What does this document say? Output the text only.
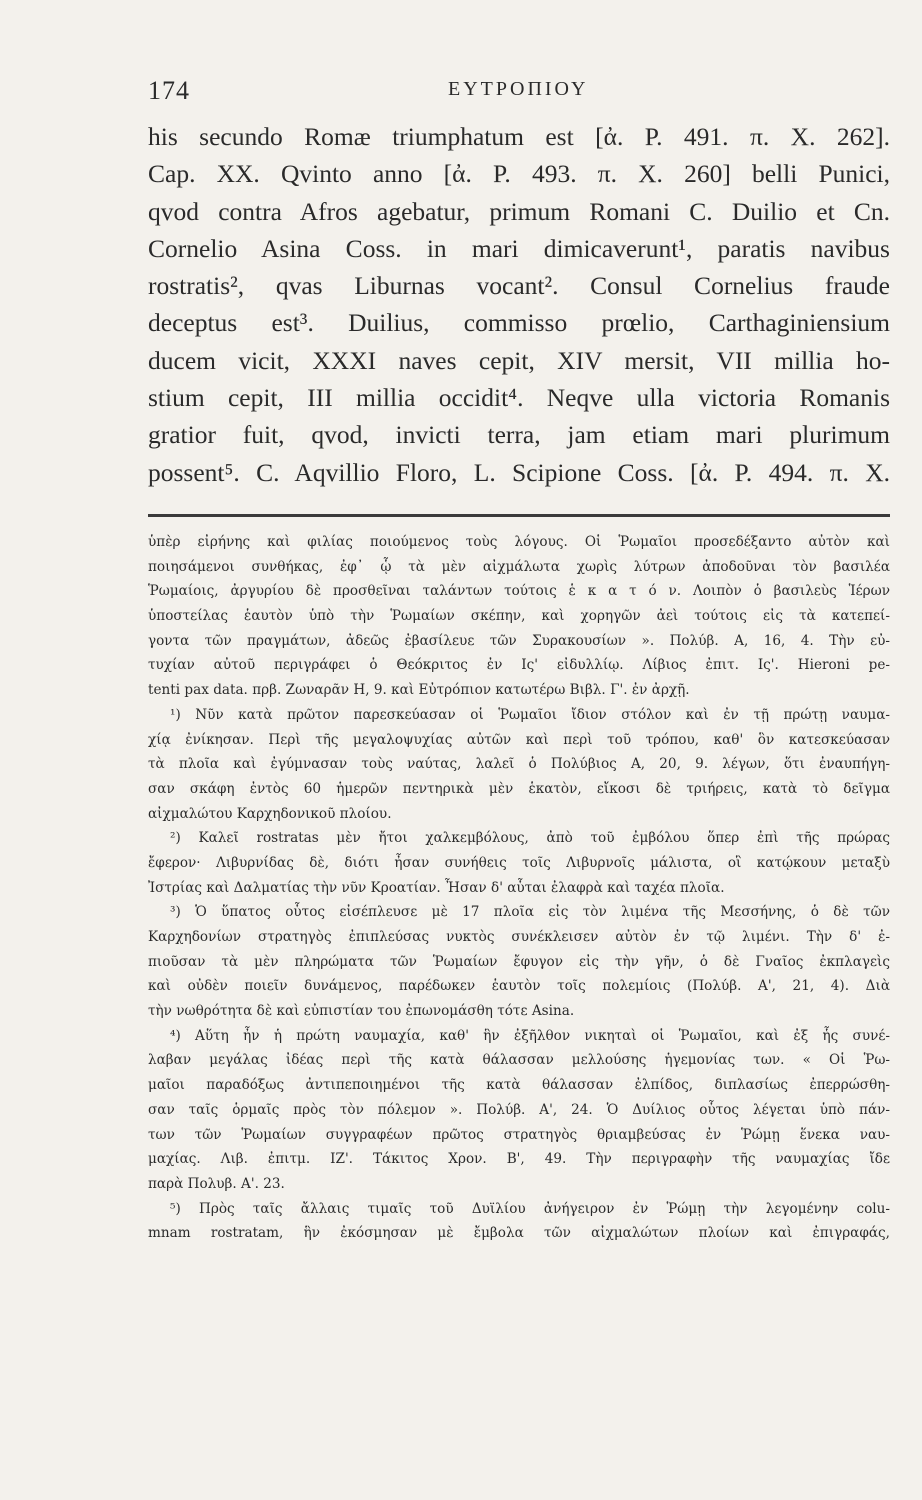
174	ΕΥΤΡΟΠΙΟΥ
his secundo Romæ triumphatum est [ἀ. Ρ. 491. π. Χ. 262].
Cap. XX. Qvinto anno [ἀ. Ρ. 493. π. Χ. 260] belli Punici,
qvod contra Afros agebatur, primum Romani C. Duilio et Cn.
Cornelio Asina Coss. in mari dimicaverunt¹, paratis navibus
rostratis², qvas Liburnas vocant². Consul Cornelius fraude
deceptus est³. Duilius, commisso prœlio, Carthaginiensium
ducem vicit, XXXI naves cepit, XIV mersit, VII millia ho-
stium cepit, III millia occidit⁴. Neqve ulla victoria Romanis
gratior fuit, qvod, invicti terra, jam etiam mari plurimum
possent⁵. C. Aqvillio Floro, L. Scipione Coss. [ἀ. Ρ. 494. π. Χ.
ὑπὲρ εἰρήνης καὶ φιλίας ποιούμενος τοὺς λόγους. Οἱ Ῥωμαῖοι προσεδέξαντο αὐτὸν καὶ
ποιησάμενοι συνθήκας, ἐφ᾽ ᾧ τὰ μὲν αἰχμάλωτα χωρὶς λύτρων ἀποδοῦναι τὸν βασιλέα
Ῥωμαίοις, ἀργυρίου δὲ προσθεῖναι ταλάντων τούτοις ἑ κ α τ ό ν. Λοιπὸν ὁ βασιλεὺς Ἱέρων
ὑποστείλας ἑαυτὸν ὑπὸ τὴν Ῥωμαίων σκέπην, καὶ χορηγῶν ἀεὶ τούτοις εἰς τὰ κατεπεί-
γοντα τῶν πραγμάτων, ἀδεῶς ἐβασίλευε τῶν Συρακουσίων ». Πολύβ. Α, 16, 4. Τὴν εὐ-
τυχίαν αὐτοῦ περιγράφει ὁ Θεόκριτος ἐν Ις' εἰδυλλίῳ. Λίβιος ἐπιτ. Ις'. Hieroni pe-
tenti pax data. πρβ. Ζωναρᾶν Η, 9. καὶ Εὐτρόπιον κατωτέρω Βιβλ. Γ'. ἐν ἀρχῇ.
¹) Νῦν κατὰ πρῶτον παρεσκεύασαν οἱ Ῥωμαῖοι ἴδιον στόλον καὶ ἐν τῇ πρώτῃ ναυμα-
χίᾳ ἐνίκησαν. Περὶ τῆς μεγαλοψυχίας αὐτῶν καὶ περὶ τοῦ τρόπου, καθ' ὃν κατεσκεύασαν
τὰ πλοῖα καὶ ἐγύμνασαν τοὺς ναύτας, λαλεῖ ὁ Πολύβιος Α, 20, 9. λέγων, ὅτι ἐναυπήγη-
σαν σκάφη ἐντὸς 60 ἡμερῶν πεντηρικὰ μὲν ἑκατὸν, εἴκοσι δὲ τριήρεις, κατὰ τὸ δεῖγμα
αἰχμαλώτου Καρχηδονικοῦ πλοίου.
²) Καλεῖ rostratas μὲν ἤτοι χαλκεμβόλους, ἀπὸ τοῦ ἐμβόλου ὅπερ ἐπὶ τῆς πρώρας
ἔφερον· Λιβυρνίδας δὲ, διότι ἦσαν συνήθεις τοῖς Λιβυρνοῖς μάλιστα, οἳ κατῴκουν μεταξὺ
Ἰστρίας καὶ Δαλματίας τὴν νῦν Κροατίαν. Ἦσαν δ' αὗται ἐλαφρὰ καὶ ταχέα πλοῖα.
³) Ὁ ὕπατος οὗτος εἰσέπλευσε μὲ 17 πλοῖα εἰς τὸν λιμένα τῆς Μεσσήνης, ὁ δὲ τῶν
Καρχηδονίων στρατηγὸς ἐπιπλεύσας νυκτὸς συνέκλεισεν αὐτὸν ἐν τῷ λιμένι. Τὴν δ' ἐ-
πιοῦσαν τὰ μὲν πληρώματα τῶν Ῥωμαίων ἔφυγον εἰς τὴν γῆν, ὁ δὲ Γναῖος ἐκπλαγεὶς
καὶ οὐδὲν ποιεῖν δυνάμενος, παρέδωκεν ἑαυτὸν τοῖς πολεμίοις (Πολύβ. Α', 21, 4). Διὰ
τὴν νωθρότητα δὲ καὶ εὐπιστίαν του ἐπωνομάσθη τότε Asina.
⁴) Αὕτη ἦν ἡ πρώτη ναυμαχία, καθ' ἣν ἐξῆλθον νικηταὶ οἱ Ῥωμαῖοι, καὶ ἐξ ἧς συνέ-
λαβαν μεγάλας ἰδέας περὶ τῆς κατὰ θάλασσαν μελλούσης ἡγεμονίας των. « Οἱ Ῥω-
μαῖοι παραδόξως ἀντιπεποιημένοι τῆς κατὰ θάλασσαν ἐλπίδος, διπλασίως ἐπερρώσθη-
σαν ταῖς ὁρμαῖς πρὸς τὸν πόλεμον ». Πολύβ. Α', 24. Ὁ Δυίλιος οὗτος λέγεται ὑπὸ πάν-
των τῶν Ῥωμαίων συγγραφέων πρῶτος στρατηγὸς θριαμβεύσας ἐν Ῥώμῃ ἕνεκα ναυ-
μαχίας. Λιβ. ἐπιτμ. ΙΖ'. Τάκιτος Χρον. Β', 49. Τὴν περιγραφὴν τῆς ναυμαχίας ἴδε
παρὰ Πολυβ. Α'. 23.
⁵) Πρὸς ταῖς ἄλλαις τιμαῖς τοῦ Δυϊλίου ἀνήγειρον ἐν Ῥώμῃ τὴν λεγομένην colu-
mnam rostratam, ἣν ἐκόσμησαν μὲ ἔμβολα τῶν αἰχμαλώτων πλοίων καὶ ἐπιγραφάς,
